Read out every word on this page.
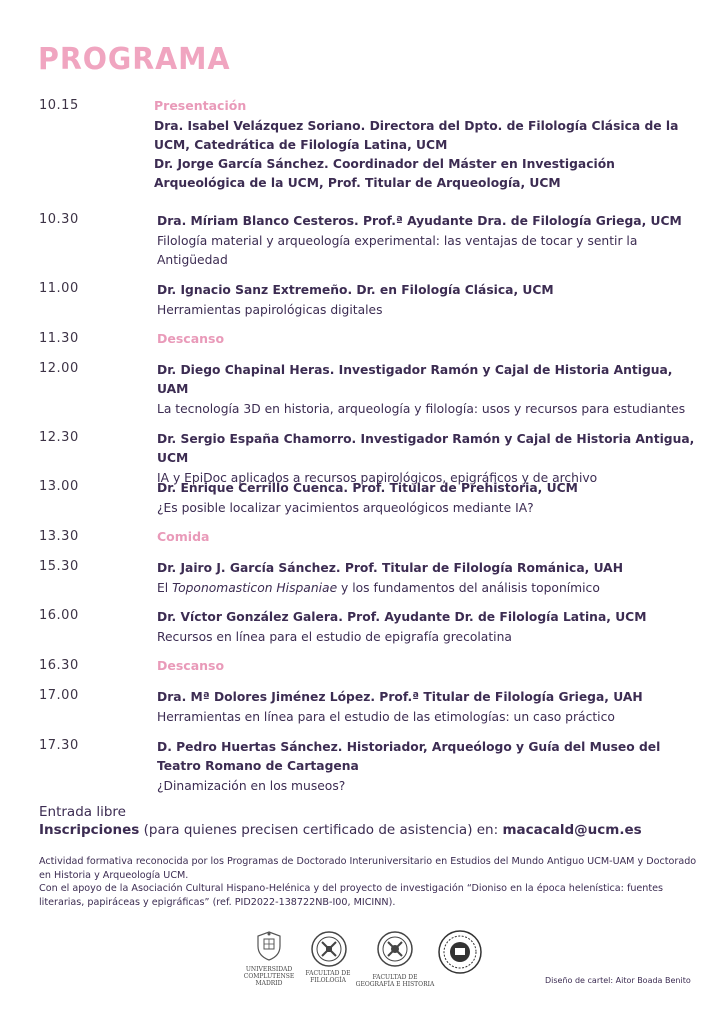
PROGRAMA
10.15	Presentación
Dra. Isabel Velázquez Soriano. Directora del Dpto. de Filología Clásica de la UCM, Catedrática de Filología Latina, UCM
Dr. Jorge García Sánchez. Coordinador del Máster en Investigación Arqueológica de la UCM, Prof. Titular de Arqueología, UCM
10.30	Dra. Míriam Blanco Cesteros. Prof.ª Ayudante Dra. de Filología Griega, UCM
Filología material y arqueología experimental: las ventajas de tocar y sentir la Antigüedad
11.00	Dr. Ignacio Sanz Extremeño. Dr. en Filología Clásica, UCM
Herramientas papirológicas digitales
11.30	Descanso
12.00	Dr. Diego Chapinal Heras. Investigador Ramón y Cajal de Historia Antigua, UAM
La tecnología 3D en historia, arqueología y filología: usos y recursos para estudiantes
12.30	Dr. Sergio España Chamorro. Investigador Ramón y Cajal de Historia Antigua, UCM
IA y EpiDoc aplicados a recursos papirológicos, epigráficos y de archivo
13.00	Dr. Enrique Cerrillo Cuenca. Prof. Titular de Prehistoria, UCM
¿Es posible localizar yacimientos arqueológicos mediante IA?
13.30	Comida
15.30	Dr. Jairo J. García Sánchez. Prof. Titular de Filología Románica, UAH
El Toponomasticon Hispaniae y los fundamentos del análisis toponímico
16.00	Dr. Víctor González Galera. Prof. Ayudante Dr. de Filología Latina, UCM
Recursos en línea para el estudio de epigrafía grecolatina
16.30	Descanso
17.00	Dra. Mª Dolores Jiménez López. Prof.ª Titular de Filología Griega, UAH
Herramientas en línea para el estudio de las etimologías: un caso práctico
17.30	D. Pedro Huertas Sánchez. Historiador, Arqueólogo y Guía del Museo del Teatro Romano de Cartagena
¿Dinamización en los museos?
Entrada libre
Inscripciones (para quienes precisen certificado de asistencia) en: macacald@ucm.es
Actividad formativa reconocida por los Programas de Doctorado Interuniversitario en Estudios del Mundo Antiguo UCM-UAM y Doctorado en Historia y Arqueología UCM.
Con el apoyo de la Asociación Cultural Hispano-Helénica y del proyecto de investigación “Dioniso en la época helenística: fuentes literarias, papiráceas y epigráficas” (ref. PID2022-138722NB-I00, MICINN).
UNIVERSIDAD COMPLUTENSE MADRID
FACULTAD DE FILOLOGÍA	FACULTAD DE GEOGRAFÍA E HISTORIA	Diseño de cartel: Aitor Boada Benito
